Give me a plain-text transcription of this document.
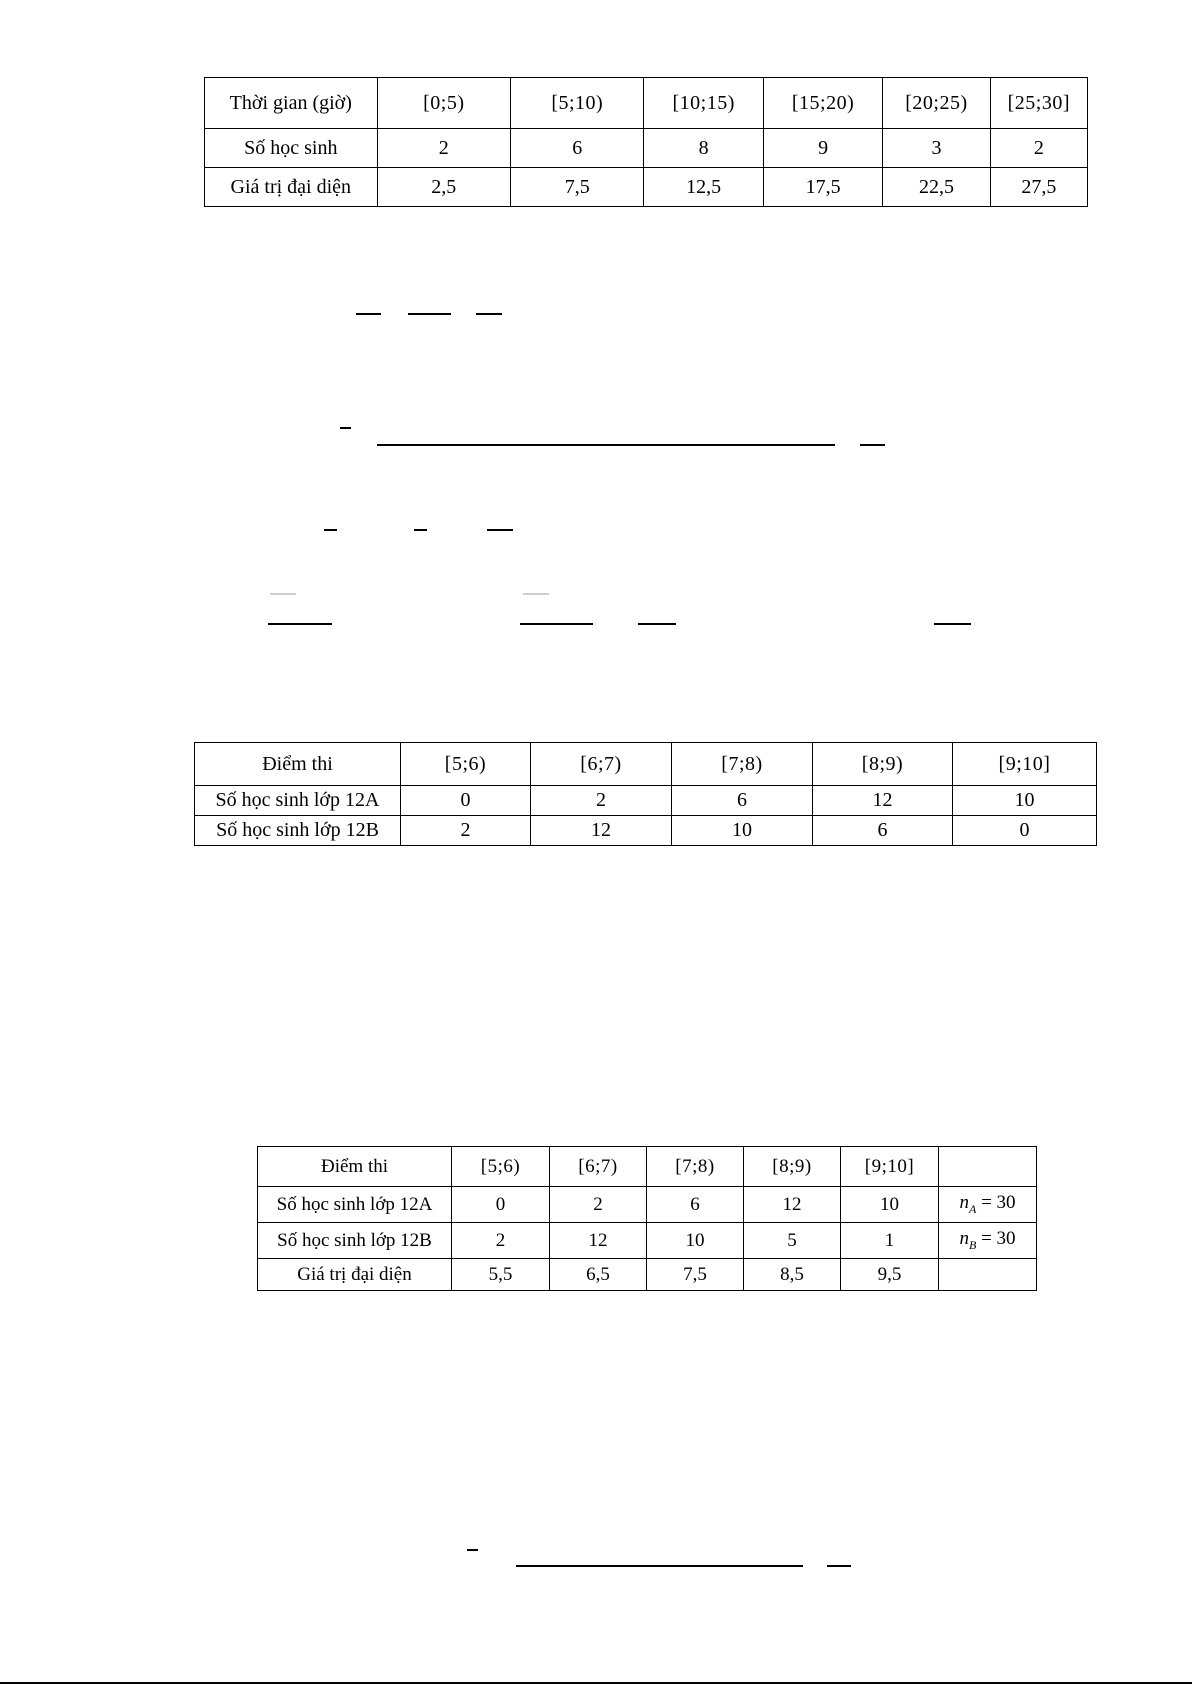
Thời gian (giờ)	[0;5)	[5;10)	[10;15)	[15;20)	[20;25)	[25;30]
Số học sinh	2	6	8	9	3	2
Giá trị đại diện	2,5	7,5	12,5	17,5	22,5	27,5
Điểm thi	[5;6)	[6;7)	[7;8)	[8;9)	[9;10]
Số học sinh lớp 12A	0	2	6	12	10
Số học sinh lớp 12B	2	12	10	6	0
Điểm thi	[5;6)	[6;7)	[7;8)	[8;9)	[9;10]	
Số học sinh lớp 12A	0	2	6	12	10	$n_A = 30$
Số học sinh lớp 12B	2	12	10	5	1	$n_B = 30$
Giá trị đại diện	5,5	6,5	7,5	8,5	9,5	
